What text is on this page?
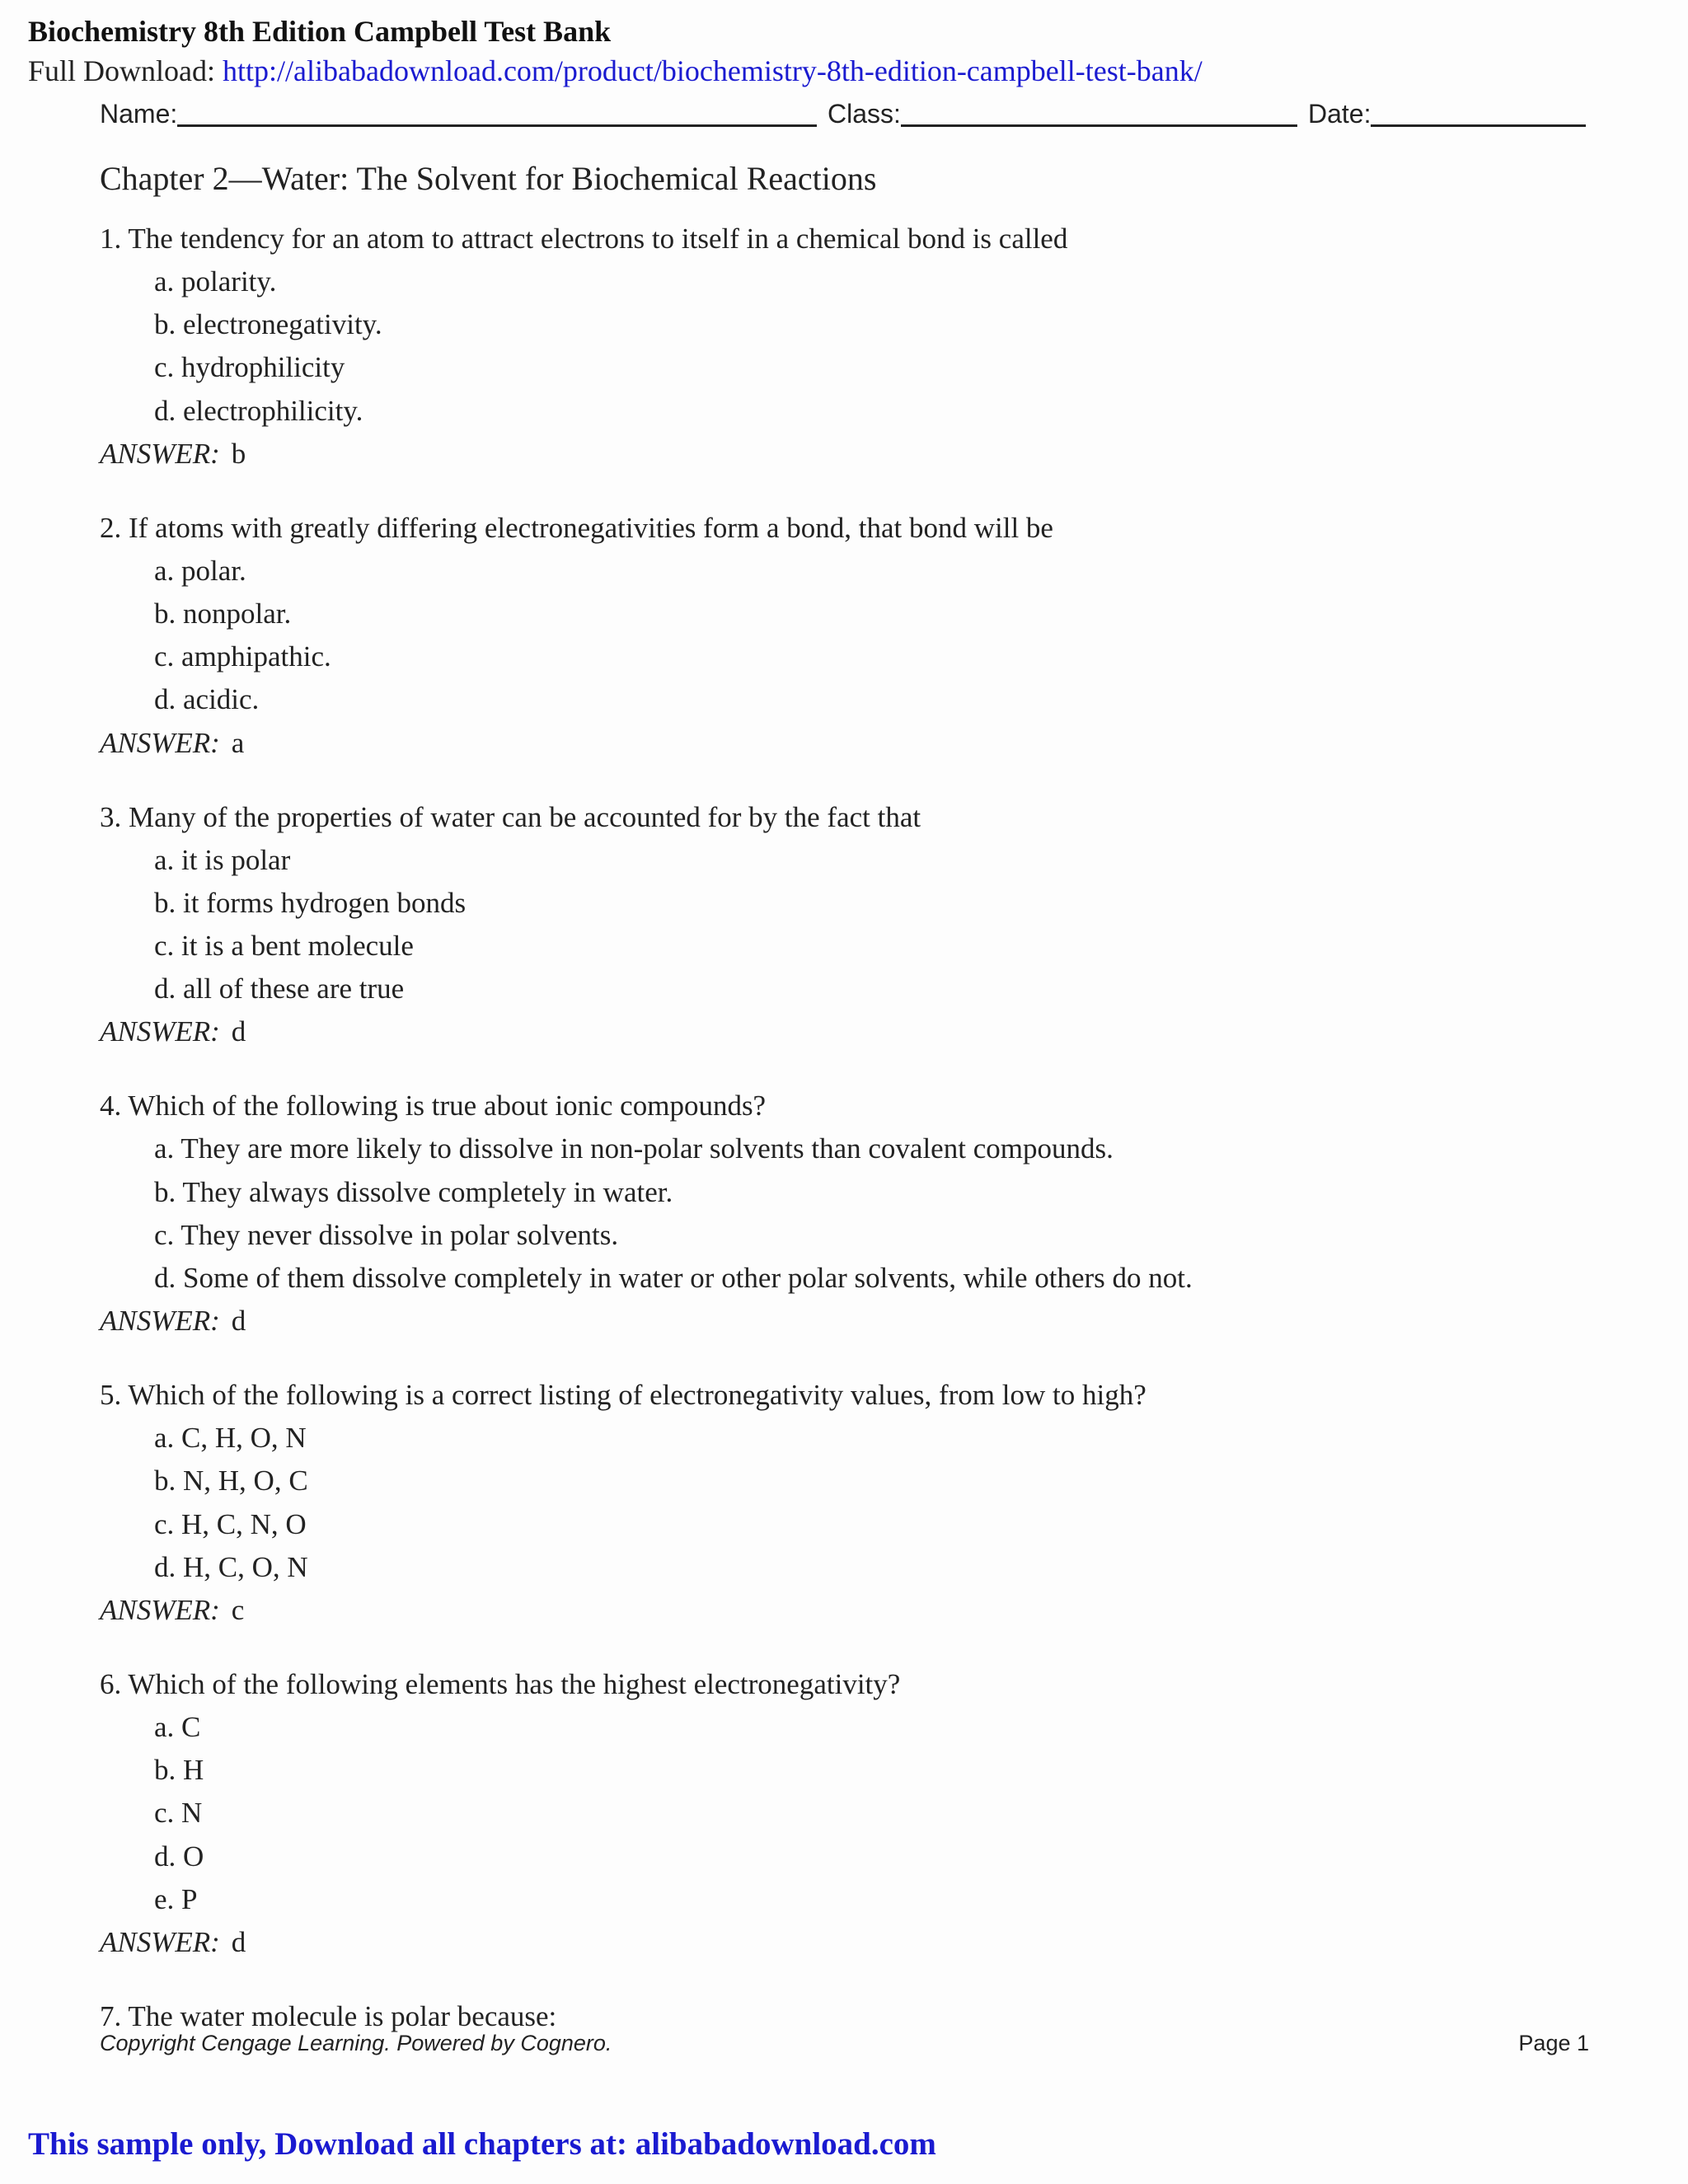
Biochemistry 8th Edition Campbell Test Bank
Full Download: http://alibabadownload.com/product/biochemistry-8th-edition-campbell-test-bank/
Name:	Class:	Date:
Chapter 2—Water: The Solvent for Biochemical Reactions
1. The tendency for an atom to attract electrons to itself in a chemical bond is called
a. polarity.
b. electronegativity.
c. hydrophilicity
d. electrophilicity.
ANSWER: b
2. If atoms with greatly differing electronegativities form a bond, that bond will be
a. polar.
b. nonpolar.
c. amphipathic.
d. acidic.
ANSWER: a
3. Many of the properties of water can be accounted for by the fact that
a. it is polar
b. it forms hydrogen bonds
c. it is a bent molecule
d. all of these are true
ANSWER: d
4. Which of the following is true about ionic compounds?
a. They are more likely to dissolve in non-polar solvents than covalent compounds.
b. They always dissolve completely in water.
c. They never dissolve in polar solvents.
d. Some of them dissolve completely in water or other polar solvents, while others do not.
ANSWER: d
5. Which of the following is a correct listing of electronegativity values, from low to high?
a. C, H, O, N
b. N, H, O, C
c. H, C, N, O
d. H, C, O, N
ANSWER: c
6. Which of the following elements has the highest electronegativity?
a. C
b. H
c. N
d. O
e. P
ANSWER: d
7. The water molecule is polar because:
Copyright Cengage Learning. Powered by Cognero.	Page 1
This sample only, Download all chapters at: alibabadownload.com
